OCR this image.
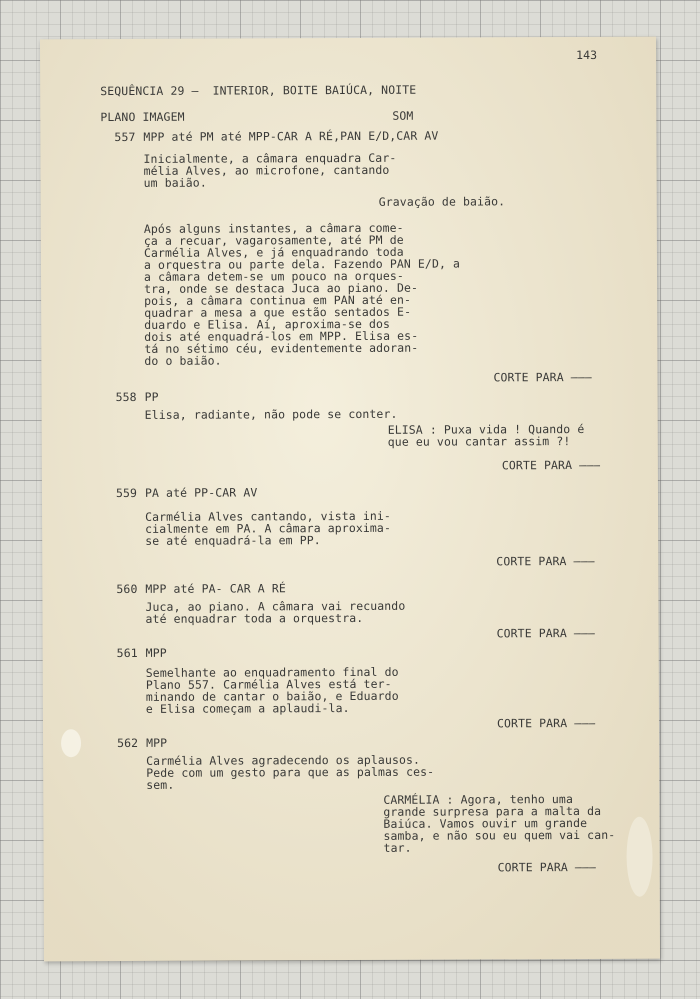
143
SEQUÊNCIA 29 —  INTERIOR, BOITE BAIÚCA, NOITE
PLANO IMAGEM	SOM
557 MPP até PM até MPP-CAR A RÉ,PAN E/D,CAR AV
Inicialmente, a câmara enquadra Car-
mélia Alves, ao microfone, cantando
um baião.
Gravação de baião.
Após alguns instantes, a câmara come-
ça a recuar, vagarosamente, até PM de
Carmélia Alves, e já enquadrando toda
a orquestra ou parte dela. Fazendo PAN E/D, a
a câmara detem-se um pouco na orques-
tra, onde se destaca Juca ao piano. De-
pois, a câmara continua em PAN até en-
quadrar a mesa a que estão sentados E-
duardo e Elisa. Aí, aproxima-se dos
dois até enquadrá-los em MPP. Elisa es-
tá no sétimo céu, evidentemente adoran-
do o baião.
CORTE PARA ———
558 PP
Elisa, radiante, não pode se conter.
ELISA : Puxa vida ! Quando é
que eu vou cantar assim ?!
CORTE PARA ———
559 PA até PP-CAR AV
Carmélia Alves cantando, vista ini-
cialmente em PA. A câmara aproxima-
se até enquadrá-la em PP.
CORTE PARA ———
560 MPP até PA- CAR A RÉ
Juca, ao piano. A câmara vai recuando
até enquadrar toda a orquestra.
CORTE PARA ———
561 MPP
Semelhante ao enquadramento final do
Plano 557. Carmélia Alves está ter-
minando de cantar o baião, e Eduardo
e Elisa começam a aplaudi-la.
CORTE PARA ———
562 MPP
Carmélia Alves agradecendo os aplausos.
Pede com um gesto para que as palmas ces-
sem.
CARMÉLIA : Agora, tenho uma
grande surpresa para a malta da
Baiúca. Vamos ouvir um grande
samba, e não sou eu quem vai can-
tar.
CORTE PARA ———
